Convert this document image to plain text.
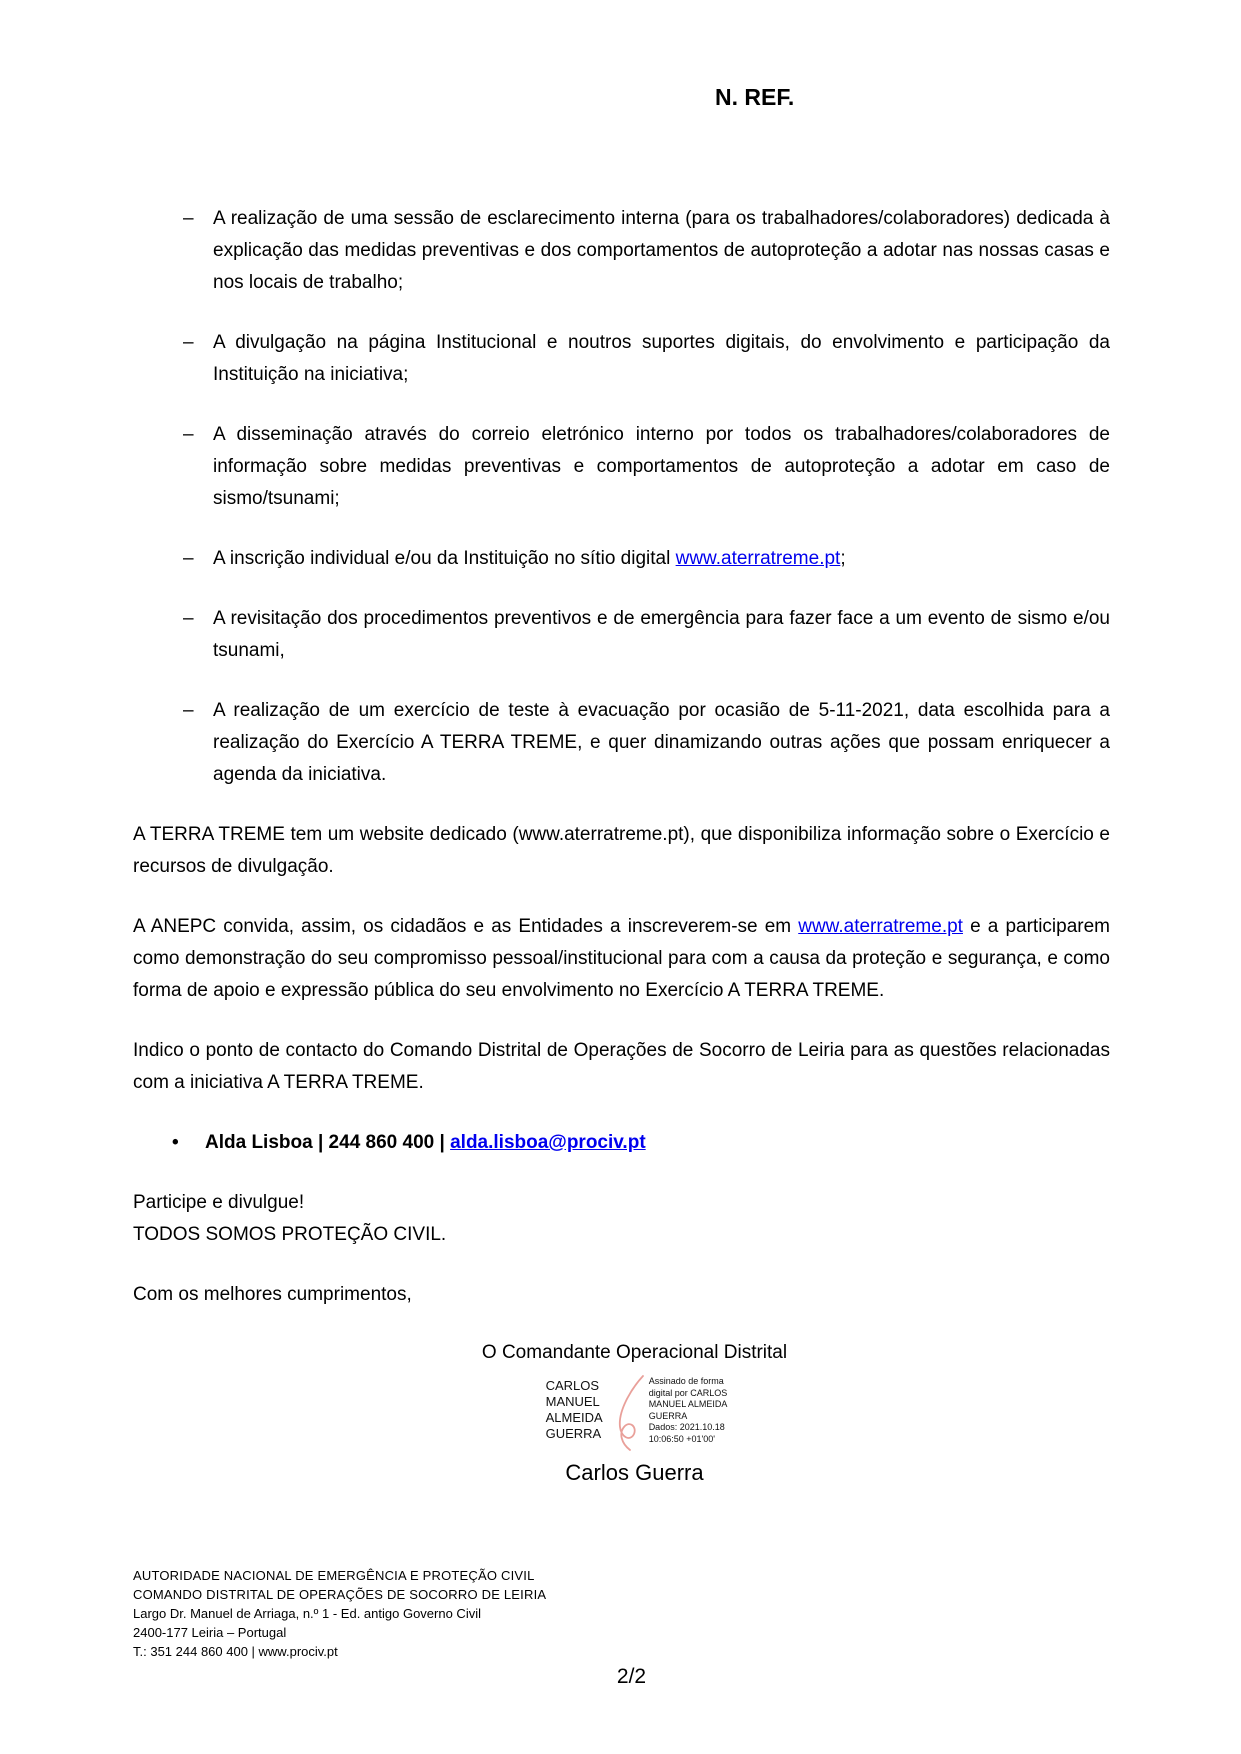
N. REF.
–	A realização de uma sessão de esclarecimento interna (para os trabalhadores/colaboradores) dedicada à explicação das medidas preventivas e dos comportamentos de autoproteção a adotar nas nossas casas e nos locais de trabalho;
–	A divulgação na página Institucional e noutros suportes digitais, do envolvimento e participação da Instituição na iniciativa;
–	A disseminação através do correio eletrónico interno por todos os trabalhadores/colaboradores de informação sobre medidas preventivas e comportamentos de autoproteção a adotar em caso de sismo/tsunami;
–	A inscrição individual e/ou da Instituição no sítio digital www.aterratreme.pt;
–	A revisitação dos procedimentos preventivos e de emergência para fazer face a um evento de sismo e/ou tsunami,
–	A realização de um exercício de teste à evacuação por ocasião de 5-11-2021, data escolhida para a realização do Exercício A TERRA TREME, e quer dinamizando outras ações que possam enriquecer a agenda da iniciativa.

A TERRA TREME tem um website dedicado (www.aterratreme.pt), que disponibiliza informação sobre o Exercício e recursos de divulgação.

A ANEPC convida, assim, os cidadãos e as Entidades a inscreverem-se em www.aterratreme.pt e a participarem como demonstração do seu compromisso pessoal/institucional para com a causa da proteção e segurança, e como forma de apoio e expressão pública do seu envolvimento no Exercício A TERRA TREME.

Indico o ponto de contacto do Comando Distrital de Operações de Socorro de Leiria para as questões relacionadas com a iniciativa A TERRA TREME.

•	Alda Lisboa | 244 860 400 | alda.lisboa@prociv.pt
Participe e divulgue!
TODOS SOMOS PROTEÇÃO CIVIL.

Com os melhores cumprimentos,

O Comandante Operacional Distrital
CARLOS
MANUEL
ALMEIDA
GUERRA
Assinado de forma
digital por CARLOS
MANUEL ALMEIDA
GUERRA
Dados: 2021.10.18
10:06:50 +01'00'
Carlos Guerra
AUTORIDADE NACIONAL DE EMERGÊNCIA E PROTEÇÃO CIVIL
COMANDO DISTRITAL DE OPERAÇÕES DE SOCORRO DE LEIRIA
Largo Dr. Manuel de Arriaga, n.º 1 - Ed. antigo Governo Civil
2400-177 Leiria – Portugal
T.: 351 244 860 400 | www.prociv.pt
2/2
